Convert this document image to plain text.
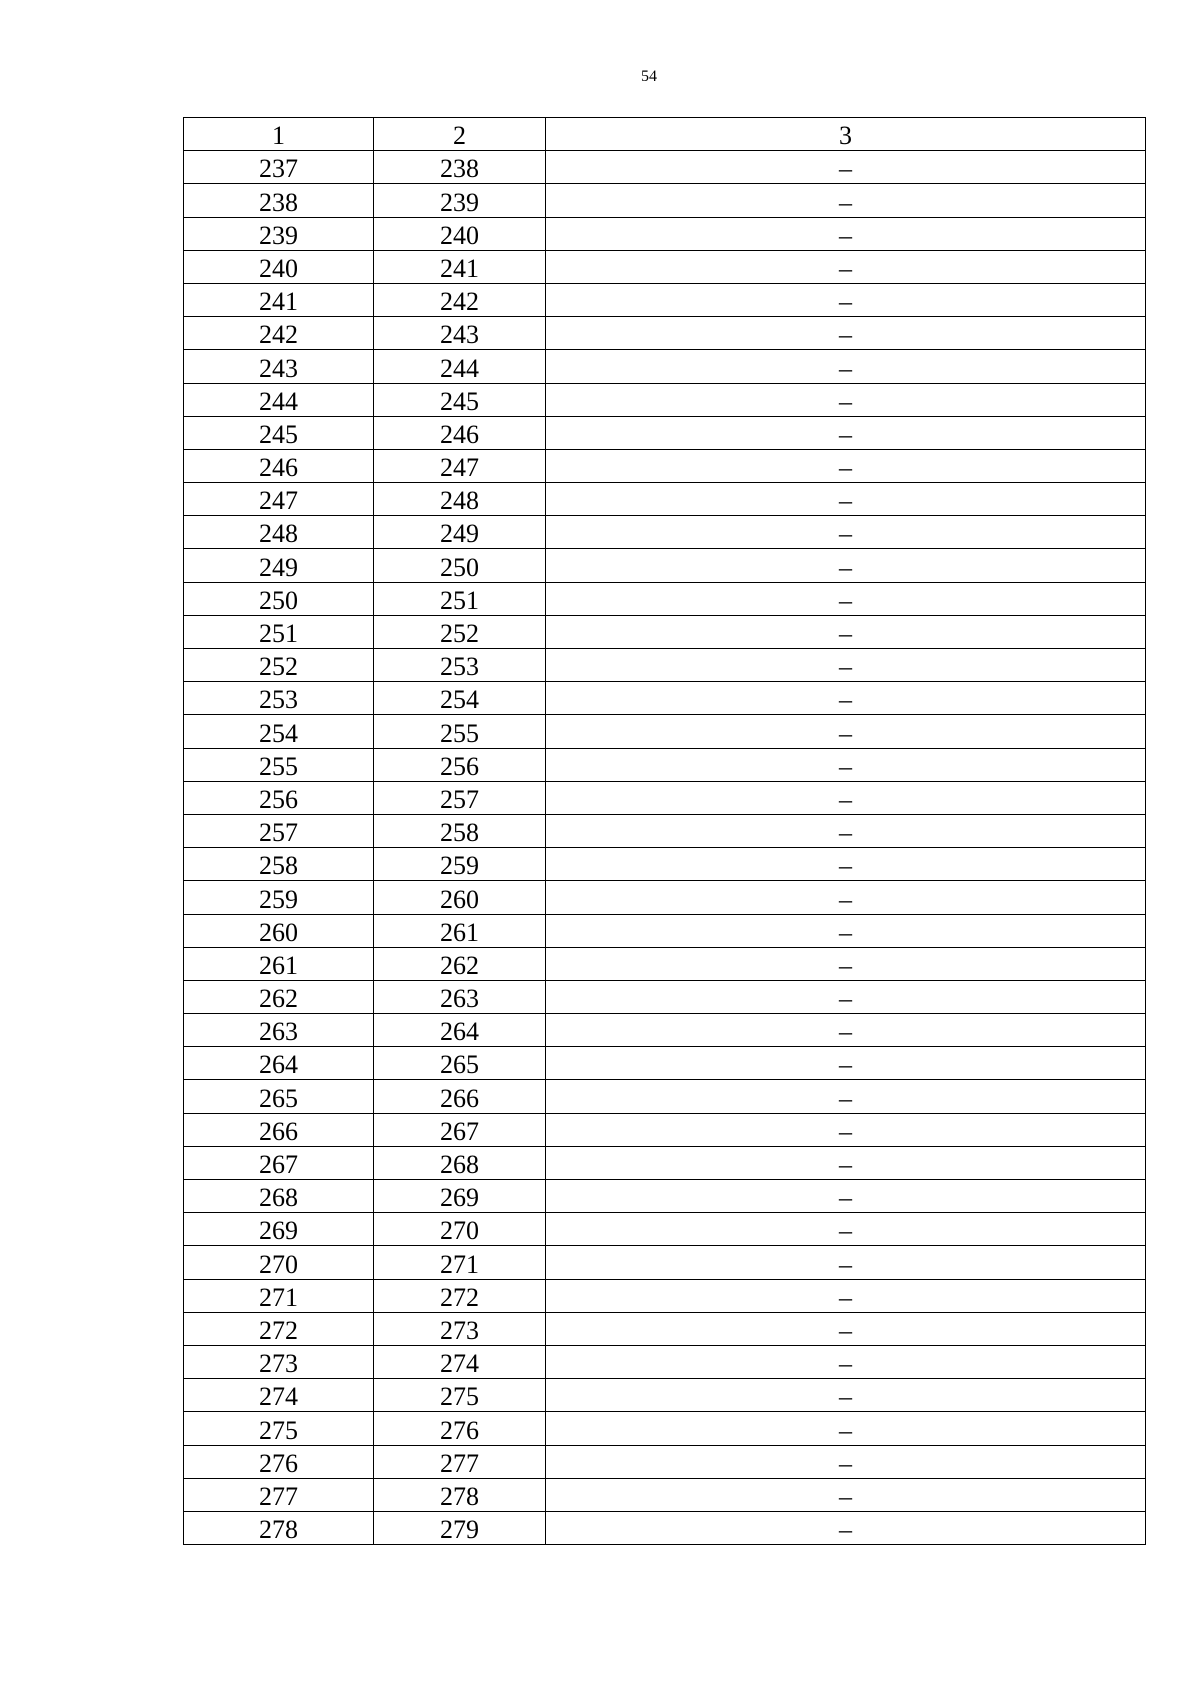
54
1	2	3
237	238	–
238	239	–
239	240	–
240	241	–
241	242	–
242	243	–
243	244	–
244	245	–
245	246	–
246	247	–
247	248	–
248	249	–
249	250	–
250	251	–
251	252	–
252	253	–
253	254	–
254	255	–
255	256	–
256	257	–
257	258	–
258	259	–
259	260	–
260	261	–
261	262	–
262	263	–
263	264	–
264	265	–
265	266	–
266	267	–
267	268	–
268	269	–
269	270	–
270	271	–
271	272	–
272	273	–
273	274	–
274	275	–
275	276	–
276	277	–
277	278	–
278	279	–
